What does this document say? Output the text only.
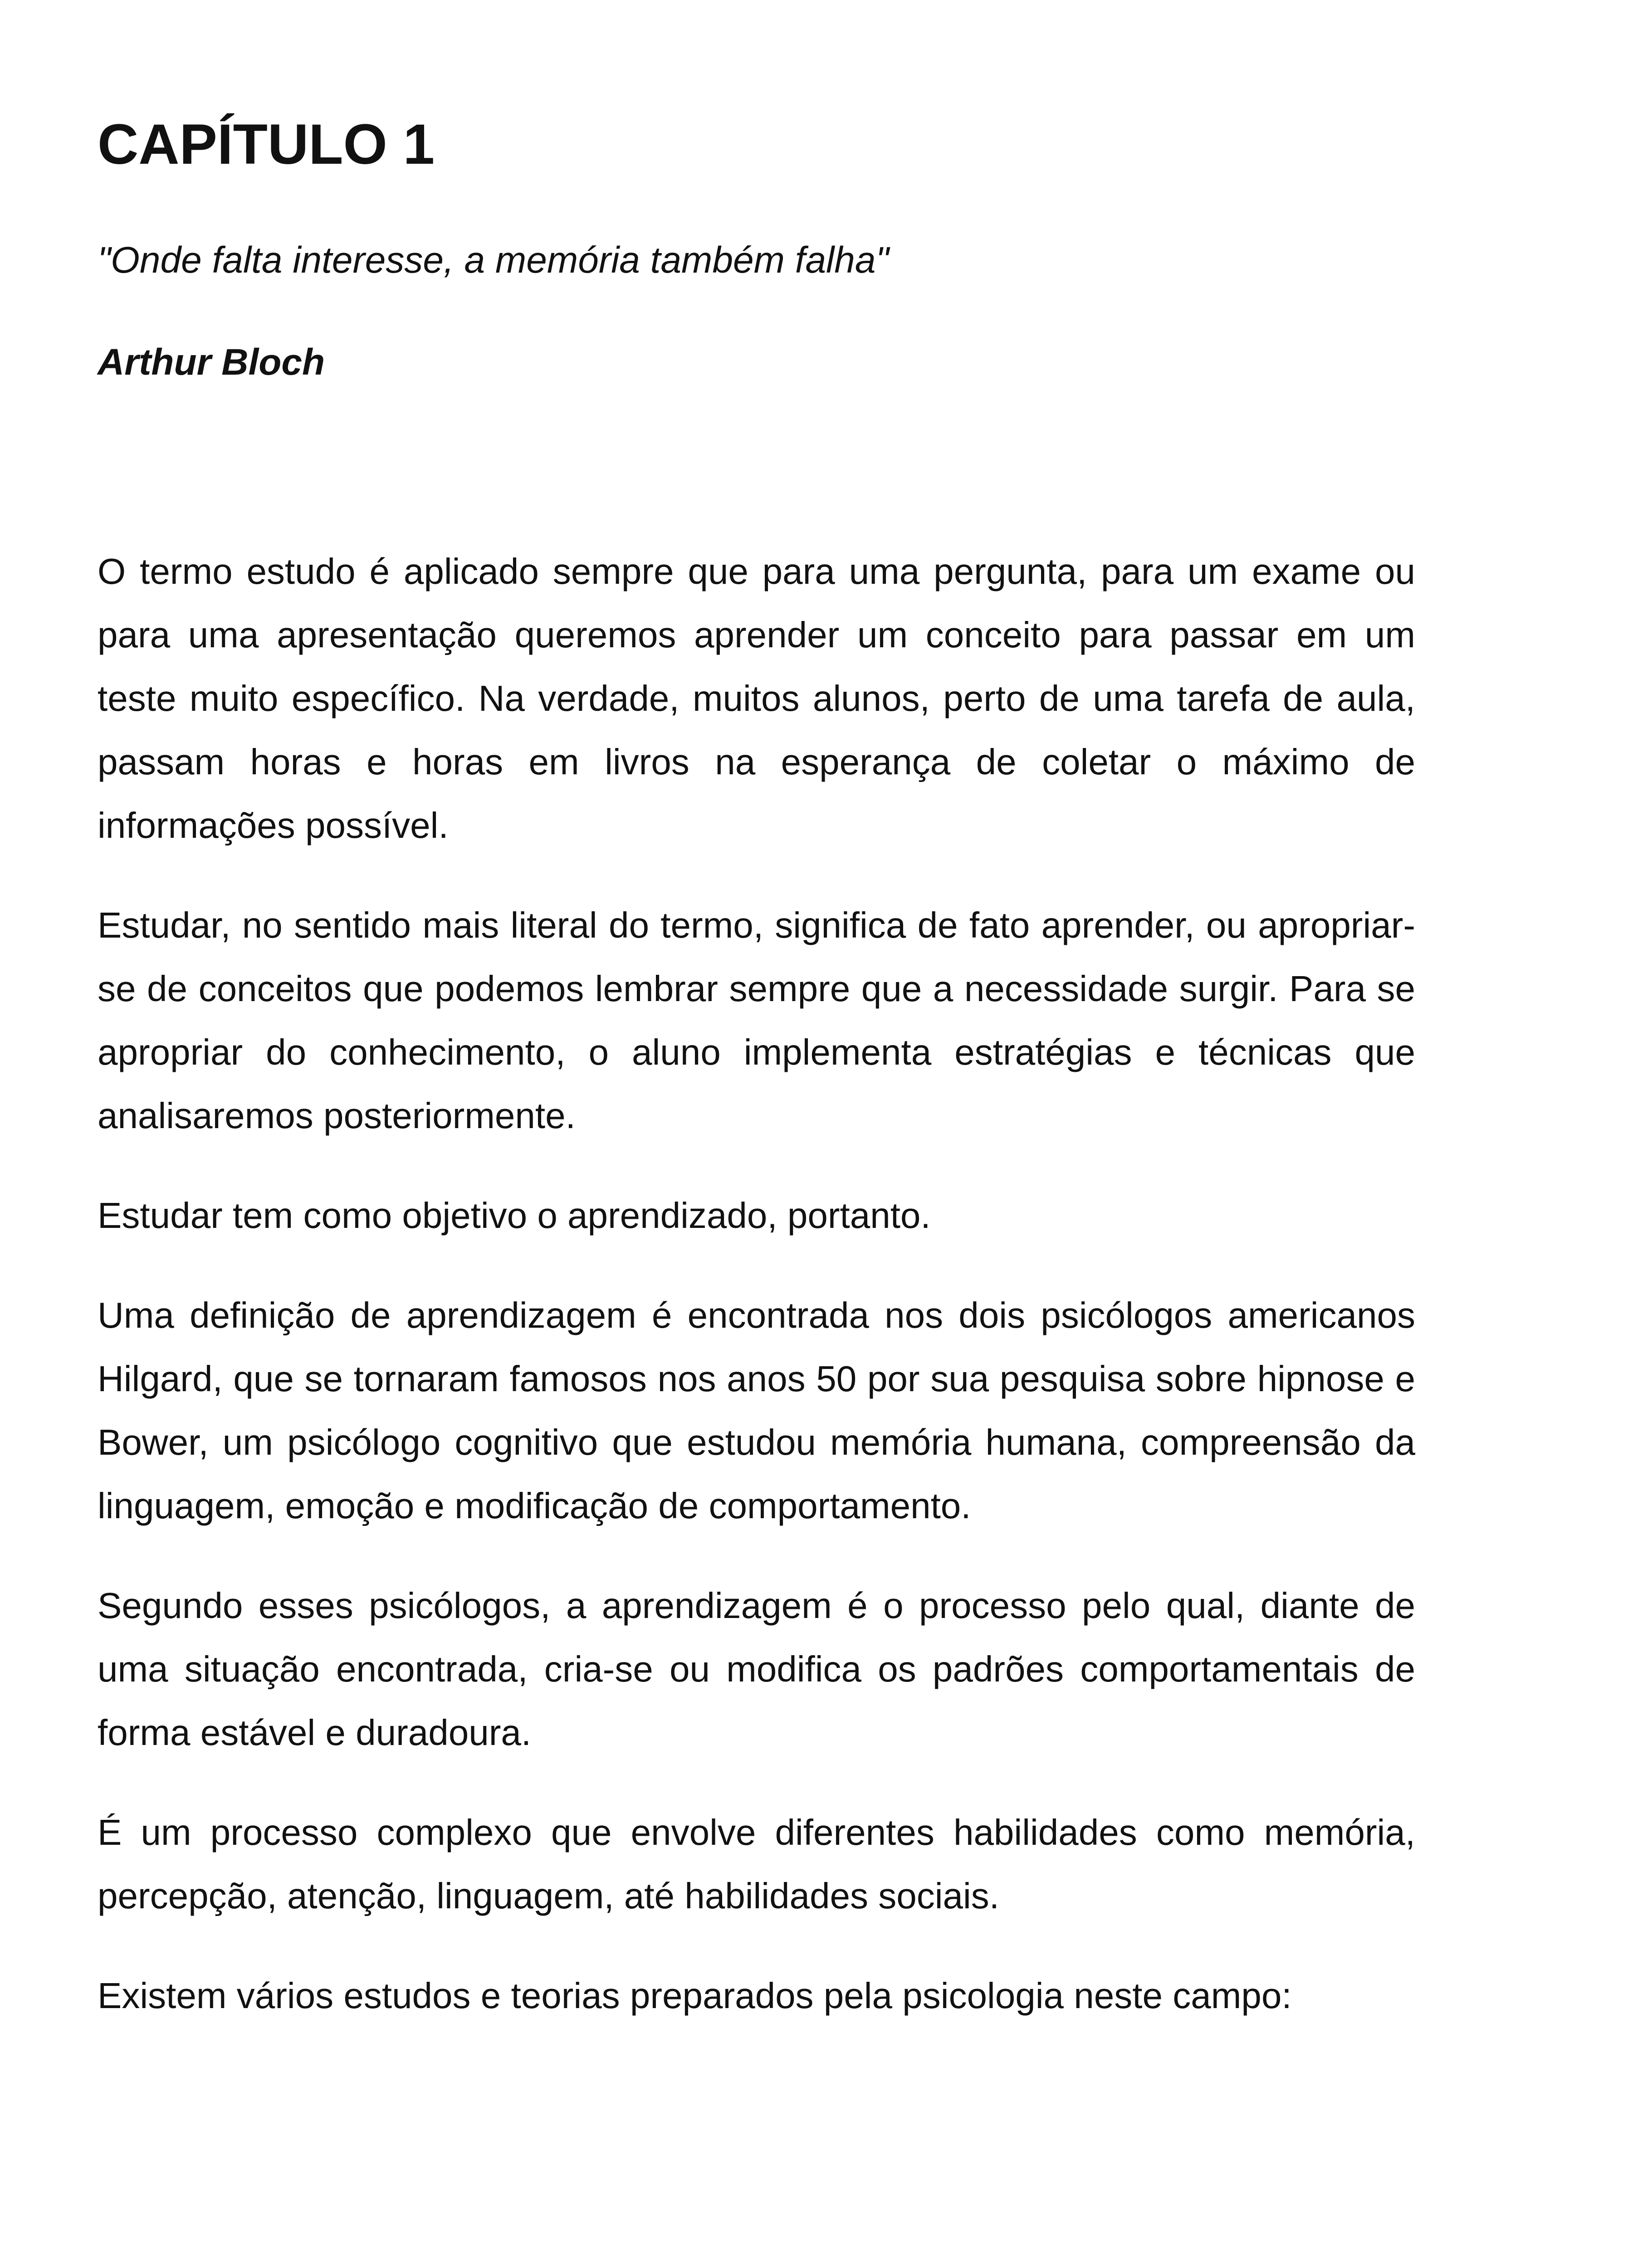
CAPÍTULO 1

"Onde falta interesse, a memória também falha"

Arthur Bloch

O termo estudo é aplicado sempre que para uma pergunta, para um exame ou para uma apresentação queremos aprender um conceito para passar em um teste muito específico. Na verdade, muitos alunos, perto de uma tarefa de aula, passam horas e horas em livros na esperança de coletar o máximo de informações possível.

Estudar, no sentido mais literal do termo, significa de fato aprender, ou apropriar-se de conceitos que podemos lembrar sempre que a necessidade surgir. Para se apropriar do conhecimento, o aluno implementa estratégias e técnicas que analisaremos posteriormente.

Estudar tem como objetivo o aprendizado, portanto.

Uma definição de aprendizagem é encontrada nos dois psicólogos americanos Hilgard, que se tornaram famosos nos anos 50 por sua pesquisa sobre hipnose e Bower, um psicólogo cognitivo que estudou memória humana, compreensão da linguagem, emoção e modificação de comportamento.

Segundo esses psicólogos, a aprendizagem é o processo pelo qual, diante de uma situação encontrada, cria-se ou modifica os padrões comportamentais de forma estável e duradoura.

É um processo complexo que envolve diferentes habilidades como memória, percepção, atenção, linguagem, até habilidades sociais.

Existem vários estudos e teorias preparados pela psicologia neste campo:
